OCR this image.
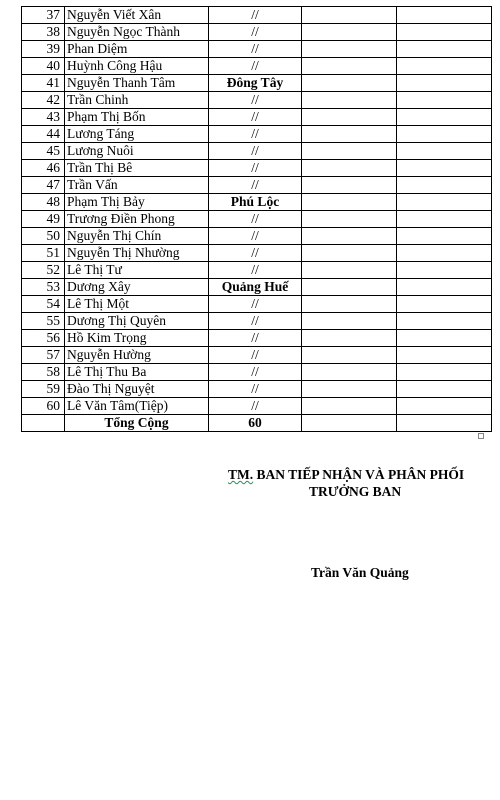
37	Nguyễn Viết Xân	//		
38	Nguyễn Ngọc Thành	//		
39	Phan Diệm	//		
40	Huỳnh Công Hậu	//		
41	Nguyễn Thanh Tâm	Đông Tây		
42	Trần Chinh	//		
43	Phạm Thị Bốn	//		
44	Lương Táng	//		
45	Lương Nuôi	//		
46	Trần Thị Bê	//		
47	Trần Vấn	//		
48	Phạm Thị Bảy	Phú Lộc		
49	Trương Điền Phong	//		
50	Nguyễn Thị Chín	//		
51	Nguyễn Thị Nhường	//		
52	Lê Thị Tư	//		
53	Dương Xây	Quảng Huế		
54	Lê Thị Một	//		
55	Dương Thị Quyên	//		
56	Hồ Kim Trọng	//		
57	Nguyễn Hường	//		
58	Lê Thị Thu Ba	//		
59	Đào Thị Nguyệt	//		
60	Lê Văn Tâm(Tiệp)	//		
	Tổng Cộng	60		
TM. BAN TIẾP NHẬN VÀ PHÂN PHỐI
TRƯỞNG BAN
Trần Văn Quảng
